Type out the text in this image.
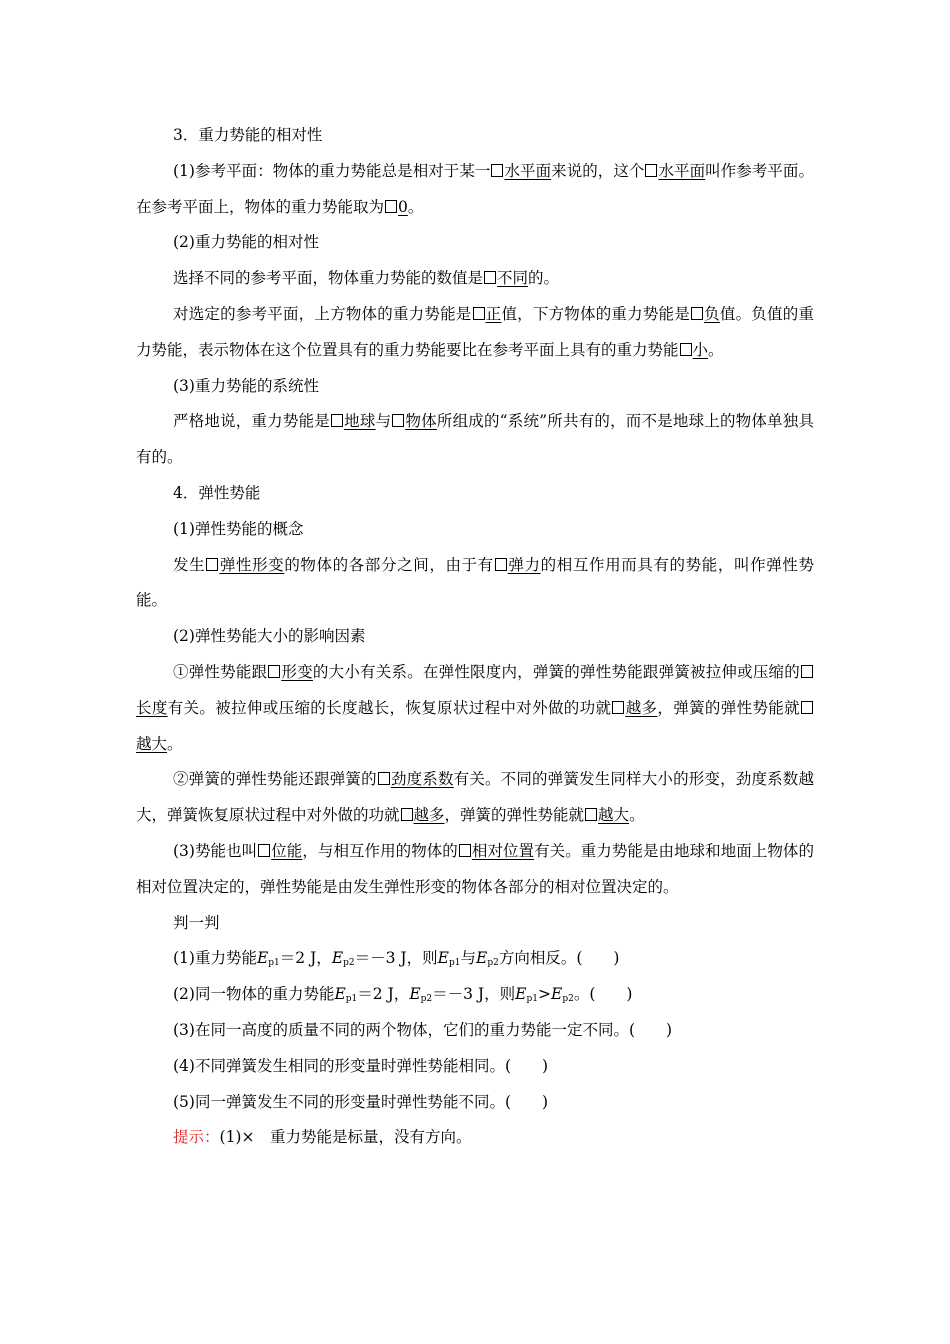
3．重力势能的相对性

(1)参考平面：物体的重力势能总是相对于某一 水平面来说的，这个 水平面叫作参考平面。在参考平面上，物体的重力势能取为 0。

(2)重力势能的相对性

选择不同的参考平面，物体重力势能的数值是 不同的。

对选定的参考平面，上方物体的重力势能是 正值，下方物体的重力势能是 负值。负值的重力势能，表示物体在这个位置具有的重力势能要比在参考平面上具有的重力势能 小。

(3)重力势能的系统性

严格地说，重力势能是 地球与 物体所组成的“系统”所共有的，而不是地球上的物体单独具有的。

4．弹性势能

(1)弹性势能的概念

发生 弹性形变的物体的各部分之间，由于有 弹力的相互作用而具有的势能，叫作弹性势能。

(2)弹性势能大小的影响因素

①弹性势能跟 形变的大小有关系。在弹性限度内，弹簧的弹性势能跟弹簧被拉伸或压缩的长度有关。被拉伸或压缩的长度越长，恢复原状过程中对外做的功就 越多，弹簧的弹性势能就越大。

②弹簧的弹性势能还跟弹簧的 劲度系数有关。不同的弹簧发生同样大小的形变，劲度系数越大，弹簧恢复原状过程中对外做的功就 越多，弹簧的弹性势能就 越大。

(3)势能也叫 位能，与相互作用的物体的 相对位置有关。重力势能是由地球和地面上物体的相对位置决定的，弹性势能是由发生弹性形变的物体各部分的相对位置决定的。

判一判

(1)重力势能$E_{p1}=2$ J，$E_{p2}=-3$ J，则$E_{p1}$与$E_{p2}$方向相反。(　　)

(2)同一物体的重力势能$E_{p1}=2$ J，$E_{p2}=-3$ J，则$E_{p1}>E_{p2}$。(　　)

(3)在同一高度的质量不同的两个物体，它们的重力势能一定不同。(　　)

(4)不同弹簧发生相同的形变量时弹性势能相同。(　　)

(5)同一弹簧发生不同的形变量时弹性势能不同。(　　)

提示：(1)×　重力势能是标量，没有方向。
